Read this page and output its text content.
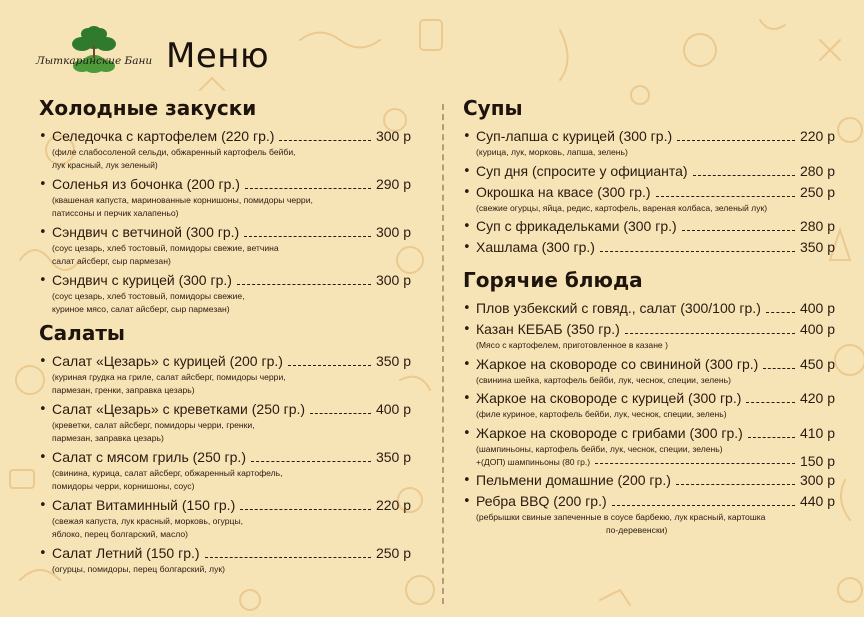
Лыткаринские Бани Меню
Холодные закуски
• Селедочка с картофелем (220 гр.)	300 р
(филе слабосоленой сельди, обжаренный картофель бейби,
лук красный, лук зеленый)
• Соленья из бочонка (200 гр.)	290 р
(квашеная капуста, маринованные корнишоны, помидоры черри,
патиссоны и перчик халапеньо)
• Сэндвич с ветчиной (300 гр.)	300 р
(соус цезарь, хлеб тостовый, помидоры свежие, ветчина
салат айсберг, сыр пармезан)
• Сэндвич с курицей (300 гр.)	300 р
(соус цезарь, хлеб тостовый, помидоры свежие,
куриное мясо, салат айсберг, сыр пармезан)
Салаты
• Салат «Цезарь» с курицей (200 гр.)	350 р
(куриная грудка на гриле, салат айсберг, помидоры черри,
пармезан, гренки, заправка цезарь)
• Салат «Цезарь» с креветками (250 гр.)	400 р
(креветки, салат айсберг, помидоры черри, гренки,
пармезан, заправка цезарь)
• Салат с мясом гриль (250 гр.)	350 р
(свинина, курица, салат айсберг, обжаренный картофель,
помидоры черри, корнишоны, соус)
• Салат Витаминный (150 гр.)	220 р
(свежая капуста, лук красный, морковь, огурцы,
яблоко, перец болгарский, масло)
• Салат Летний (150 гр.)	250 р
(огурцы, помидоры, перец болгарский, лук)
Супы
• Суп-лапша с курицей (300 гр.)	220 р
(курица, лук, морковь, лапша, зелень)
• Суп дня (спросите у официанта)	280 р
• Окрошка на квасе (300 гр.)	250 р
(свежие огурцы, яйца, редис, картофель, вареная колбаса, зеленый лук)
• Суп с фрикадельками (300 гр.)	280 р
• Хашлама (300 гр.)	350 р
Горячие блюда
• Плов узбекский с говяд., салат (300/100 гр.)	400 р
• Казан КЕБАБ (350 гр.)	400 р
(Мясо с картофелем, приготовленное в казане )
• Жаркое на сковороде со свининой (300 гр.)	450 р
(свинина шейка, картофель бейби, лук, чеснок, специи, зелень)
• Жаркое на сковороде с курицей (300 гр.)	420 р
(филе куриное, картофель бейби, лук, чеснок, специи, зелень)
• Жаркое на сковороде с грибами (300 гр.)	410 р
(шампиньоны, картофель бейби, лук, чеснок, специи, зелень)
+(ДОП) шампиньоны (80 гр.)	150 р
• Пельмени домашние (200 гр.)	300 р
• Ребра BBQ (200 гр.)	440 р
(ребрышки свиные запеченные в соусе барбекю, лук красный, картошка
по-деревенски)
